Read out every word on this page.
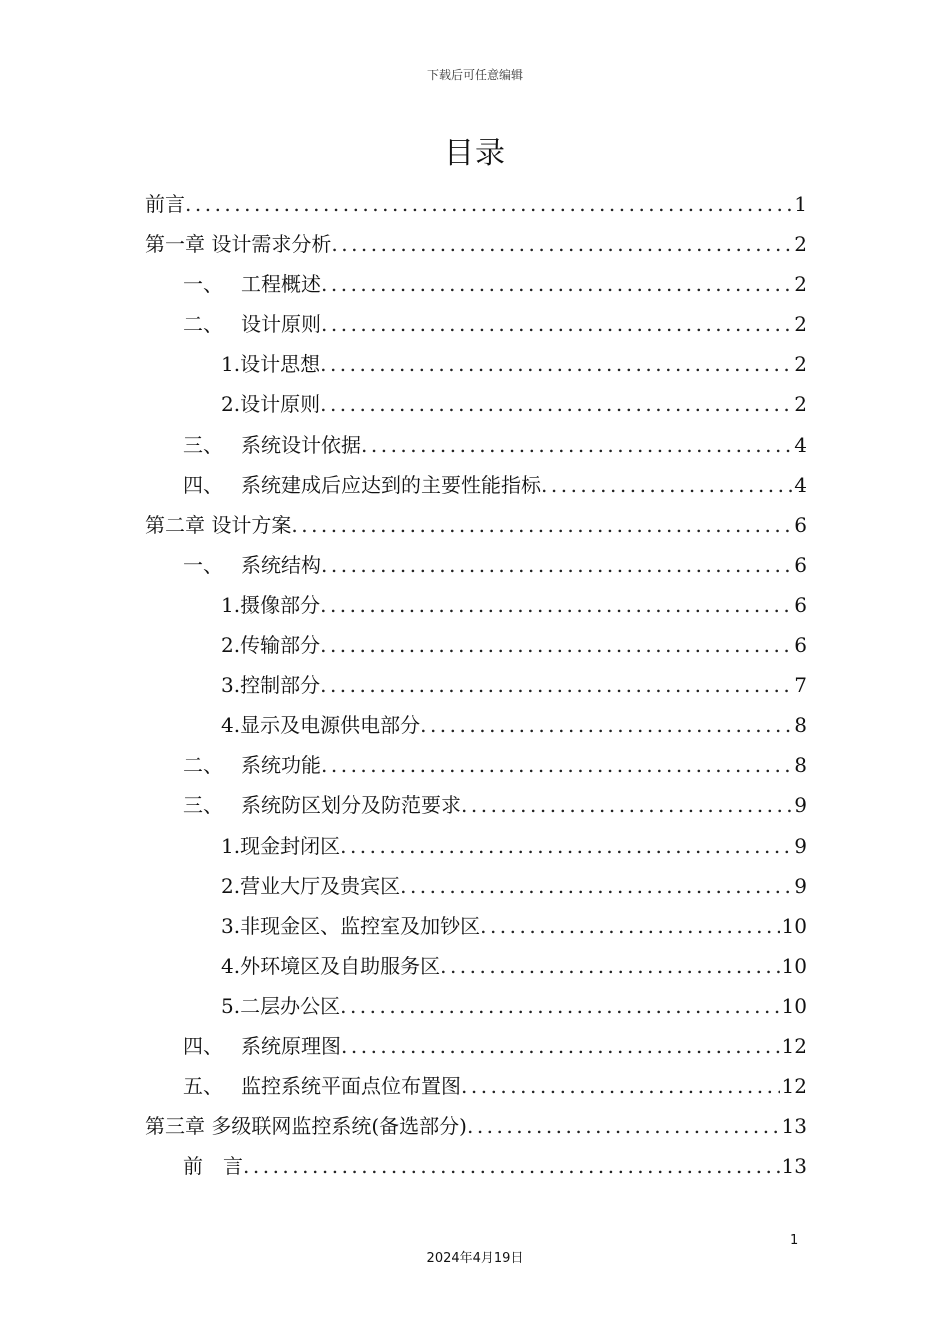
下载后可任意编辑
目录
前言 .....	1
第一章 设计需求分析 .....	2
一、 工程概述 .....	2
二、 设计原则 .....	2
1.设计思想 .....	2
2.设计原则 .....	2
三、 系统设计依据 .....	4
四、 系统建成后应达到的主要性能指标 .....	4
第二章 设计方案 .....	6
一、 系统结构 .....	6
1.摄像部分 .....	6
2.传输部分 .....	6
3.控制部分 .....	7
4.显示及电源供电部分 .....	8
二、 系统功能 .....	8
三、 系统防区划分及防范要求 .....	9
1.现金封闭区 .....	9
2.营业大厅及贵宾区 .....	9
3.非现金区、监控室及加钞区 .....	10
4.外环境区及自助服务区 .....	10
5.二层办公区 .....	10
四、 系统原理图 .....	12
五、 监控系统平面点位布置图 .....	12
第三章 多级联网监控系统(备选部分) .....	13
前　言 .....	13
1
2024年4月19日
